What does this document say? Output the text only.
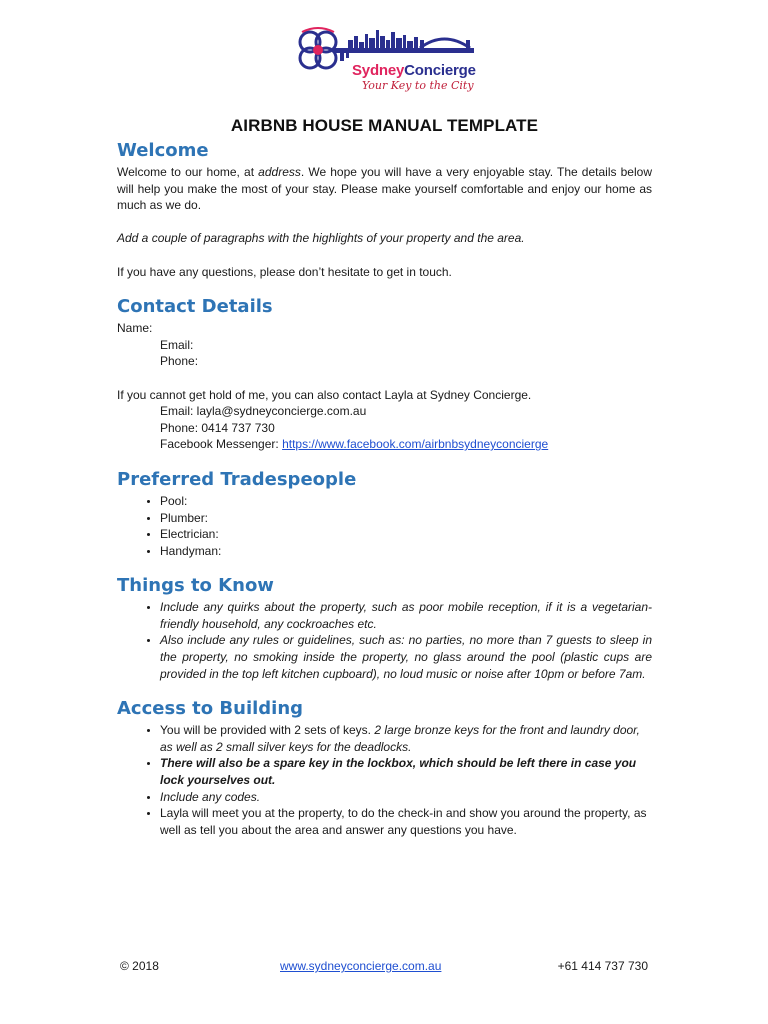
SydneyConcierge
Your Key to the City
AIRBNB HOUSE MANUAL TEMPLATE
Welcome

Welcome to our home, at address. We hope you will have a very enjoyable stay. The details below will help you make the most of your stay. Please make yourself comfortable and enjoy our home as much as we do.

Add a couple of paragraphs with the highlights of your property and the area.

If you have any questions, please don’t hesitate to get in touch.

Contact Details

Name:

Email:

Phone:

If you cannot get hold of me, you can also contact Layla at Sydney Concierge.

Email: layla@sydneyconcierge.com.au

Phone: 0414 737 730

Facebook Messenger: https://www.facebook.com/airbnbsydneyconcierge

Preferred Tradespeople
• Pool:
• Plumber:
• Electrician:
• Handyman:
Things to Know
• Include any quirks about the property, such as poor mobile reception, if it is a vegetarian-friendly household, any cockroaches etc.
• Also include any rules or guidelines, such as: no parties, no more than 7 guests to sleep in the property, no smoking inside the property, no glass around the pool (plastic cups are provided in the top left kitchen cupboard), no loud music or noise after 10pm or before 7am.
Access to Building
• You will be provided with 2 sets of keys. 2 large bronze keys for the front and laundry door, as well as 2 small silver keys for the deadlocks.
• There will also be a spare key in the lockbox, which should be left there in case you lock yourselves out.
• Include any codes.
• Layla will meet you at the property, to do the check-in and show you around the property, as well as tell you about the area and answer any questions you have.
© 2018	www.sydneyconcierge.com.au	+61 414 737 730
